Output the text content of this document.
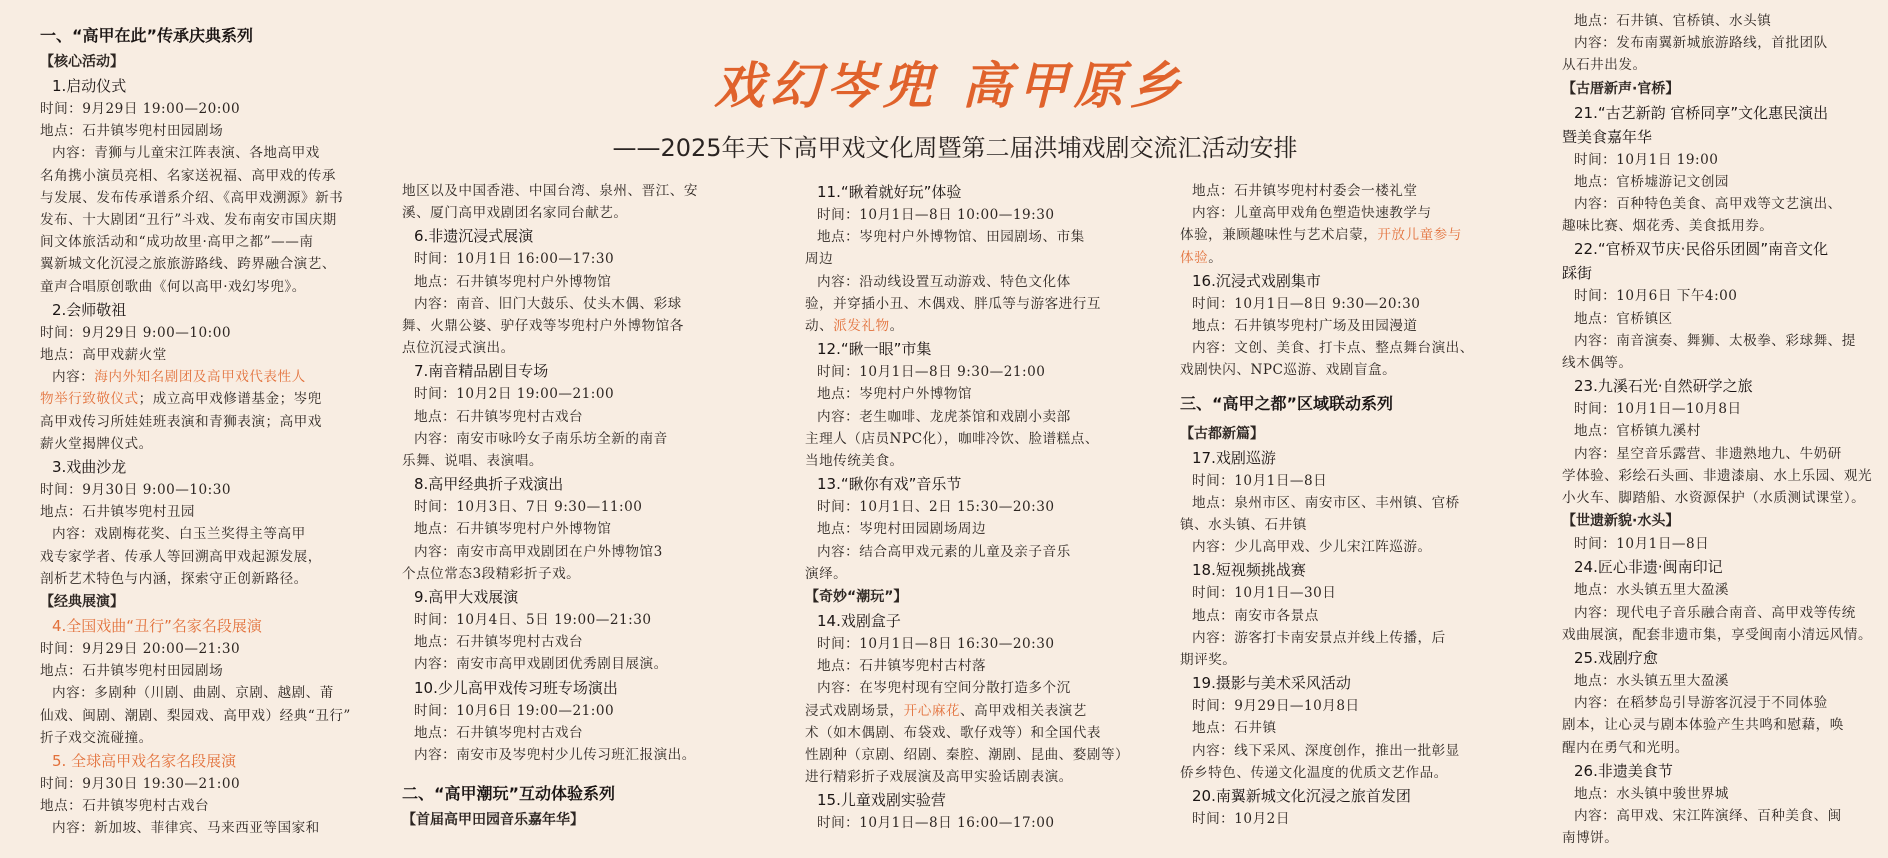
戏幻岑兜 高甲原乡
——2025年天下高甲戏文化周暨第二届洪埔戏剧交流汇活动安排
一、“高甲在此”传承庆典系列
【核心活动】
1.启动仪式
时间：9月29日 19:00—20:00
地点：石井镇岑兜村田园剧场
内容：青狮与儿童宋江阵表演、各地高甲戏
名角携小演员亮相、名家送祝福、高甲戏的传承
与发展、发布传承谱系介绍、《高甲戏溯源》新书
发布、十大剧团“丑行”斗戏、发布南安市国庆期
间文体旅活动和“成功故里·高甲之都”——南
翼新城文化沉浸之旅旅游路线、跨界融合演艺、
童声合唱原创歌曲《何以高甲·戏幻岑兜》。
2.会师敬祖
时间：9月29日 9:00—10:00
地点：高甲戏薪火堂
内容：海内外知名剧团及高甲戏代表性人
物举行致敬仪式；成立高甲戏修谱基金；岑兜
高甲戏传习所娃娃班表演和青狮表演；高甲戏
薪火堂揭牌仪式。
3.戏曲沙龙
时间：9月30日 9:00—10:30
地点：石井镇岑兜村丑园
内容：戏剧梅花奖、白玉兰奖得主等高甲
戏专家学者、传承人等回溯高甲戏起源发展，
剖析艺术特色与内涵，探索守正创新路径。
【经典展演】
4.全国戏曲“丑行”名家名段展演
时间：9月29日 20:00—21:30
地点：石井镇岑兜村田园剧场
内容：多剧种（川剧、曲剧、京剧、越剧、莆
仙戏、闽剧、潮剧、梨园戏、高甲戏）经典“丑行”
折子戏交流碰撞。
5. 全球高甲戏名家名段展演
时间：9月30日 19:30—21:00
地点：石井镇岑兜村古戏台
内容：新加坡、菲律宾、马来西亚等国家和
地区以及中国香港、中国台湾、泉州、晋江、安
溪、厦门高甲戏剧团名家同台献艺。
6.非遗沉浸式展演
时间：10月1日 16:00—17:30
地点：石井镇岑兜村户外博物馆
内容：南音、旧门大鼓乐、仗头木偶、彩球
舞、火鼎公婆、驴仔戏等岑兜村户外博物馆各
点位沉浸式演出。
7.南音精品剧目专场
时间：10月2日 19:00—21:00
地点：石井镇岑兜村古戏台
内容：南安市咏吟女子南乐坊全新的南音
乐舞、说唱、表演唱。
8.高甲经典折子戏演出
时间：10月3日、7日 9:30—11:00
地点：石井镇岑兜村户外博物馆
内容：南安市高甲戏剧团在户外博物馆3
个点位常态3段精彩折子戏。
9.高甲大戏展演
时间：10月4日、5日 19:00—21:30
地点：石井镇岑兜村古戏台
内容：南安市高甲戏剧团优秀剧目展演。
10.少儿高甲戏传习班专场演出
时间：10月6日 19:00—21:00
地点：石井镇岑兜村古戏台
内容：南安市及岑兜村少儿传习班汇报演出。
二、“高甲潮玩”互动体验系列
【首届高甲田园音乐嘉年华】
11.“瞅着就好玩”体验
时间：10月1日—8日 10:00—19:30
地点：岑兜村户外博物馆、田园剧场、市集
周边
内容：沿动线设置互动游戏、特色文化体
验，并穿插小丑、木偶戏、胖瓜等与游客进行互
动、派发礼物。
12.“瞅一眼”市集
时间：10月1日—8日 9:30—21:00
地点：岑兜村户外博物馆
内容：老生咖啡、龙虎茶馆和戏剧小卖部
主理人（店员NPC化），咖啡冷饮、脸谱糕点、
当地传统美食。
13.“瞅你有戏”音乐节
时间：10月1日、2日 15:30—20:30
地点：岑兜村田园剧场周边
内容：结合高甲戏元素的儿童及亲子音乐
演绎。
【奇妙“潮玩”】
14.戏剧盒子
时间：10月1日—8日 16:30—20:30
地点：石井镇岑兜村古村落
内容：在岑兜村现有空间分散打造多个沉
浸式戏剧场景，开心麻花、高甲戏相关表演艺
术（如木偶剧、布袋戏、歌仔戏等）和全国代表
性剧种（京剧、绍剧、秦腔、潮剧、昆曲、婺剧等）
进行精彩折子戏展演及高甲实验话剧表演。
15.儿童戏剧实验营
时间：10月1日—8日 16:00—17:00
地点：石井镇岑兜村村委会一楼礼堂
内容：儿童高甲戏角色塑造快速教学与
体验，兼顾趣味性与艺术启蒙，开放儿童参与
体验。
16.沉浸式戏剧集市
时间：10月1日—8日 9:30—20:30
地点：石井镇岑兜村广场及田园漫道
内容：文创、美食、打卡点、整点舞台演出、
戏剧快闪、NPC巡游、戏剧盲盒。
三、“高甲之都”区域联动系列
【古都新篇】
17.戏剧巡游
时间：10月1日—8日
地点：泉州市区、南安市区、丰州镇、官桥
镇、水头镇、石井镇
内容：少儿高甲戏、少儿宋江阵巡游。
18.短视频挑战赛
时间：10月1日—30日
地点：南安市各景点
内容：游客打卡南安景点并线上传播，后
期评奖。
19.摄影与美术采风活动
时间：9月29日—10月8日
地点：石井镇
内容：线下采风、深度创作，推出一批彰显
侨乡特色、传递文化温度的优质文艺作品。
20.南翼新城文化沉浸之旅首发团
时间：10月2日
地点：石井镇、官桥镇、水头镇
内容：发布南翼新城旅游路线，首批团队
从石井出发。
【古厝新声·官桥】
21.“古艺新韵 官桥同享”文化惠民演出
暨美食嘉年华
时间：10月1日 19:00
地点：官桥墟游记文创园
内容：百种特色美食、高甲戏等文艺演出、
趣味比赛、烟花秀、美食抵用券。
22.“官桥双节庆·民俗乐团圆”南音文化
踩街
时间：10月6日 下午4:00
地点：官桥镇区
内容：南音演奏、舞狮、太极拳、彩球舞、提
线木偶等。
23.九溪石光·自然研学之旅
时间：10月1日—10月8日
地点：官桥镇九溪村
内容：星空音乐露营、非遗熟地九、牛奶研
学体验、彩绘石头画、非遗漆扇、水上乐园、观光
小火车、脚踏船、水资源保护（水质测试课堂）。
【世遗新貌·水头】
时间：10月1日—8日
24.匠心非遗·闽南印记
地点：水头镇五里大盈溪
内容：现代电子音乐融合南音、高甲戏等传统
戏曲展演，配套非遗市集，享受闽南小清远风情。
25.戏剧疗愈
地点：水头镇五里大盈溪
内容：在稻梦岛引导游客沉浸于不同体验
剧本，让心灵与剧本体验产生共鸣和慰藉，唤
醒内在勇气和光明。
26.非遗美食节
地点：水头镇中骏世界城
内容：高甲戏、宋江阵演绎、百种美食、闽
南博饼。
